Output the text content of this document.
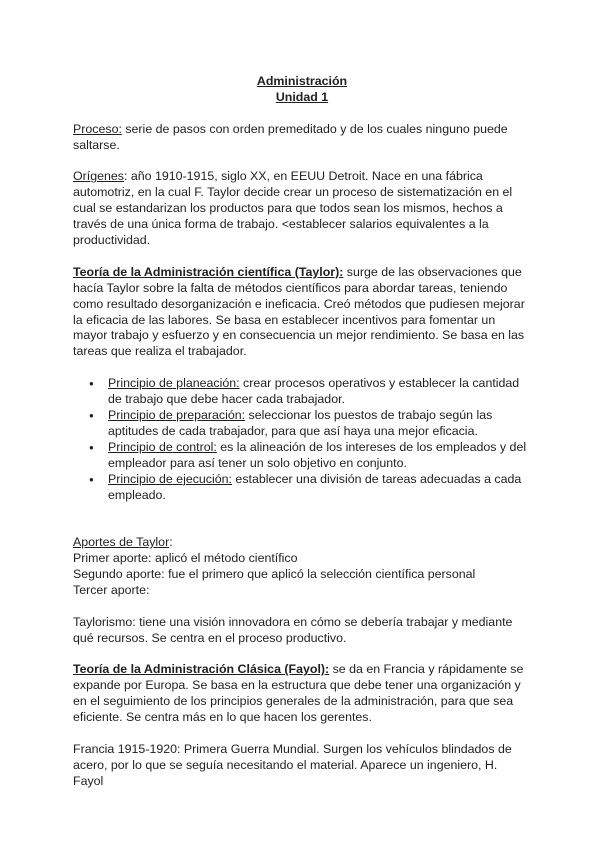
Administración

Unidad 1

Proceso: serie de pasos con orden premeditado y de los cuales ninguno puede saltarse.

Orígenes: año 1910-1915, siglo XX, en EEUU Detroit. Nace en una fábrica automotriz, en la cual F. Taylor decide crear un proceso de sistematización en el cual se estandarizan los productos para que todos sean los mismos, hechos a través de una única forma de trabajo. <establecer salarios equivalentes a la productividad.

Teoría de la Administración científica (Taylor): surge de las observaciones que hacía Taylor sobre la falta de métodos científicos para abordar tareas, teniendo como resultado desorganización e ineficacia. Creó métodos que pudiesen mejorar la eficacia de las labores. Se basa en establecer incentivos para fomentar un mayor trabajo y esfuerzo y en consecuencia un mejor rendimiento. Se basa en las tareas que realiza el trabajador.

● Principio de planeación: crear procesos operativos y establecer la cantidad de trabajo que debe hacer cada trabajador.
● Principio de preparación: seleccionar los puestos de trabajo según las aptitudes de cada trabajador, para que así haya una mejor eficacia.
● Principio de control: es la alineación de los intereses de los empleados y del empleador para así tener un solo objetivo en conjunto.
● Principio de ejecución: establecer una división de tareas adecuadas a cada empleado.

Aportes de Taylor:

Primer aporte: aplicó el método científico

Segundo aporte: fue el primero que aplicó la selección científica personal

Tercer aporte:

Taylorismo: tiene una visión innovadora en cómo se debería trabajar y mediante qué recursos. Se centra en el proceso productivo.

Teoría de la Administración Clásica (Fayol): se da en Francia y rápidamente se expande por Europa. Se basa en la estructura que debe tener una organización y en el seguimiento de los principios generales de la administración, para que sea eficiente. Se centra más en lo que hacen los gerentes.

Francia 1915-1920: Primera Guerra Mundial. Surgen los vehículos blindados de acero, por lo que se seguía necesitando el material. Aparece un ingeniero, H. Fayol
